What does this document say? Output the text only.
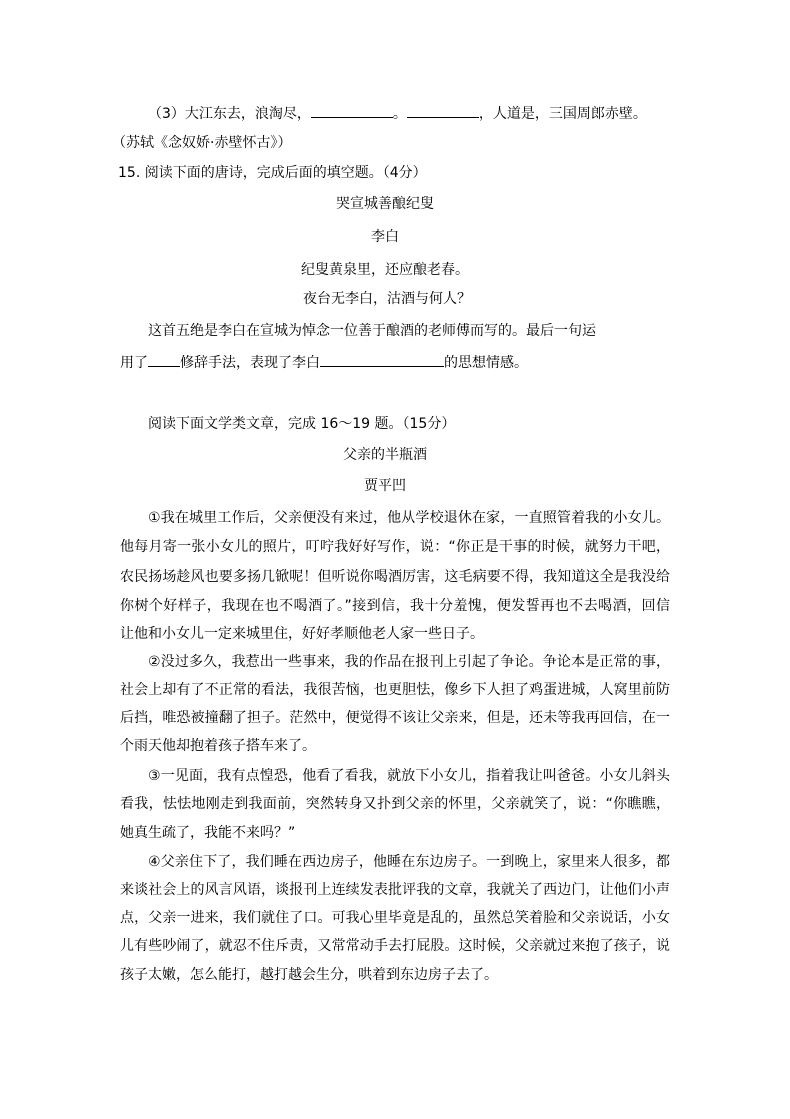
（3）大江东去，浪淘尽，	。	，人道是，三国周郎赤壁。
（苏轼《念奴娇·赤壁怀古》）
15. 阅读下面的唐诗，完成后面的填空题。（4分）
哭宣城善酿纪叟
李白
纪叟黄泉里，还应酿老春。
夜台无李白，沽酒与何人？
这首五绝是李白在宣城为悼念一位善于酿酒的老师傅而写的。最后一句运
用了 修辞手法，表现了李白	的思想情感。
阅读下面文学类文章，完成 16～19 题。（15分）
父亲的半瓶酒
贾平凹
①我在城里工作后，父亲便没有来过，他从学校退休在家，一直照管着我的小女儿。
他每月寄一张小女儿的照片，叮咛我好好写作，说：“你正是干事的时候，就努力干吧，
农民扬场趁风也要多扬几锨呢！但听说你喝酒厉害，这毛病要不得，我知道这全是我没给
你树个好样子，我现在也不喝酒了。”接到信，我十分羞愧，便发誓再也不去喝酒，回信
让他和小女儿一定来城里住，好好孝顺他老人家一些日子。
②没过多久，我惹出一些事来，我的作品在报刊上引起了争论。争论本是正常的事，
社会上却有了不正常的看法，我很苦恼，也更胆怯，像乡下人担了鸡蛋进城，人窝里前防
后挡，唯恐被撞翻了担子。茫然中，便觉得不该让父亲来，但是，还未等我再回信，在一
个雨天他却抱着孩子搭车来了。
③一见面，我有点惶恐，他看了看我，就放下小女儿，指着我让叫爸爸。小女儿斜头
看我，怯怯地刚走到我面前，突然转身又扑到父亲的怀里，父亲就笑了，说：“你瞧瞧，
她真生疏了，我能不来吗？”
④父亲住下了，我们睡在西边房子，他睡在东边房子。一到晚上，家里来人很多，都
来谈社会上的风言风语，谈报刊上连续发表批评我的文章，我就关了西边门，让他们小声
点，父亲一进来，我们就住了口。可我心里毕竟是乱的，虽然总笑着脸和父亲说话，小女
儿有些吵闹了，就忍不住斥责，又常常动手去打屁股。这时候，父亲就过来抱了孩子，说
孩子太嫩，怎么能打，越打越会生分，哄着到东边房子去了。
